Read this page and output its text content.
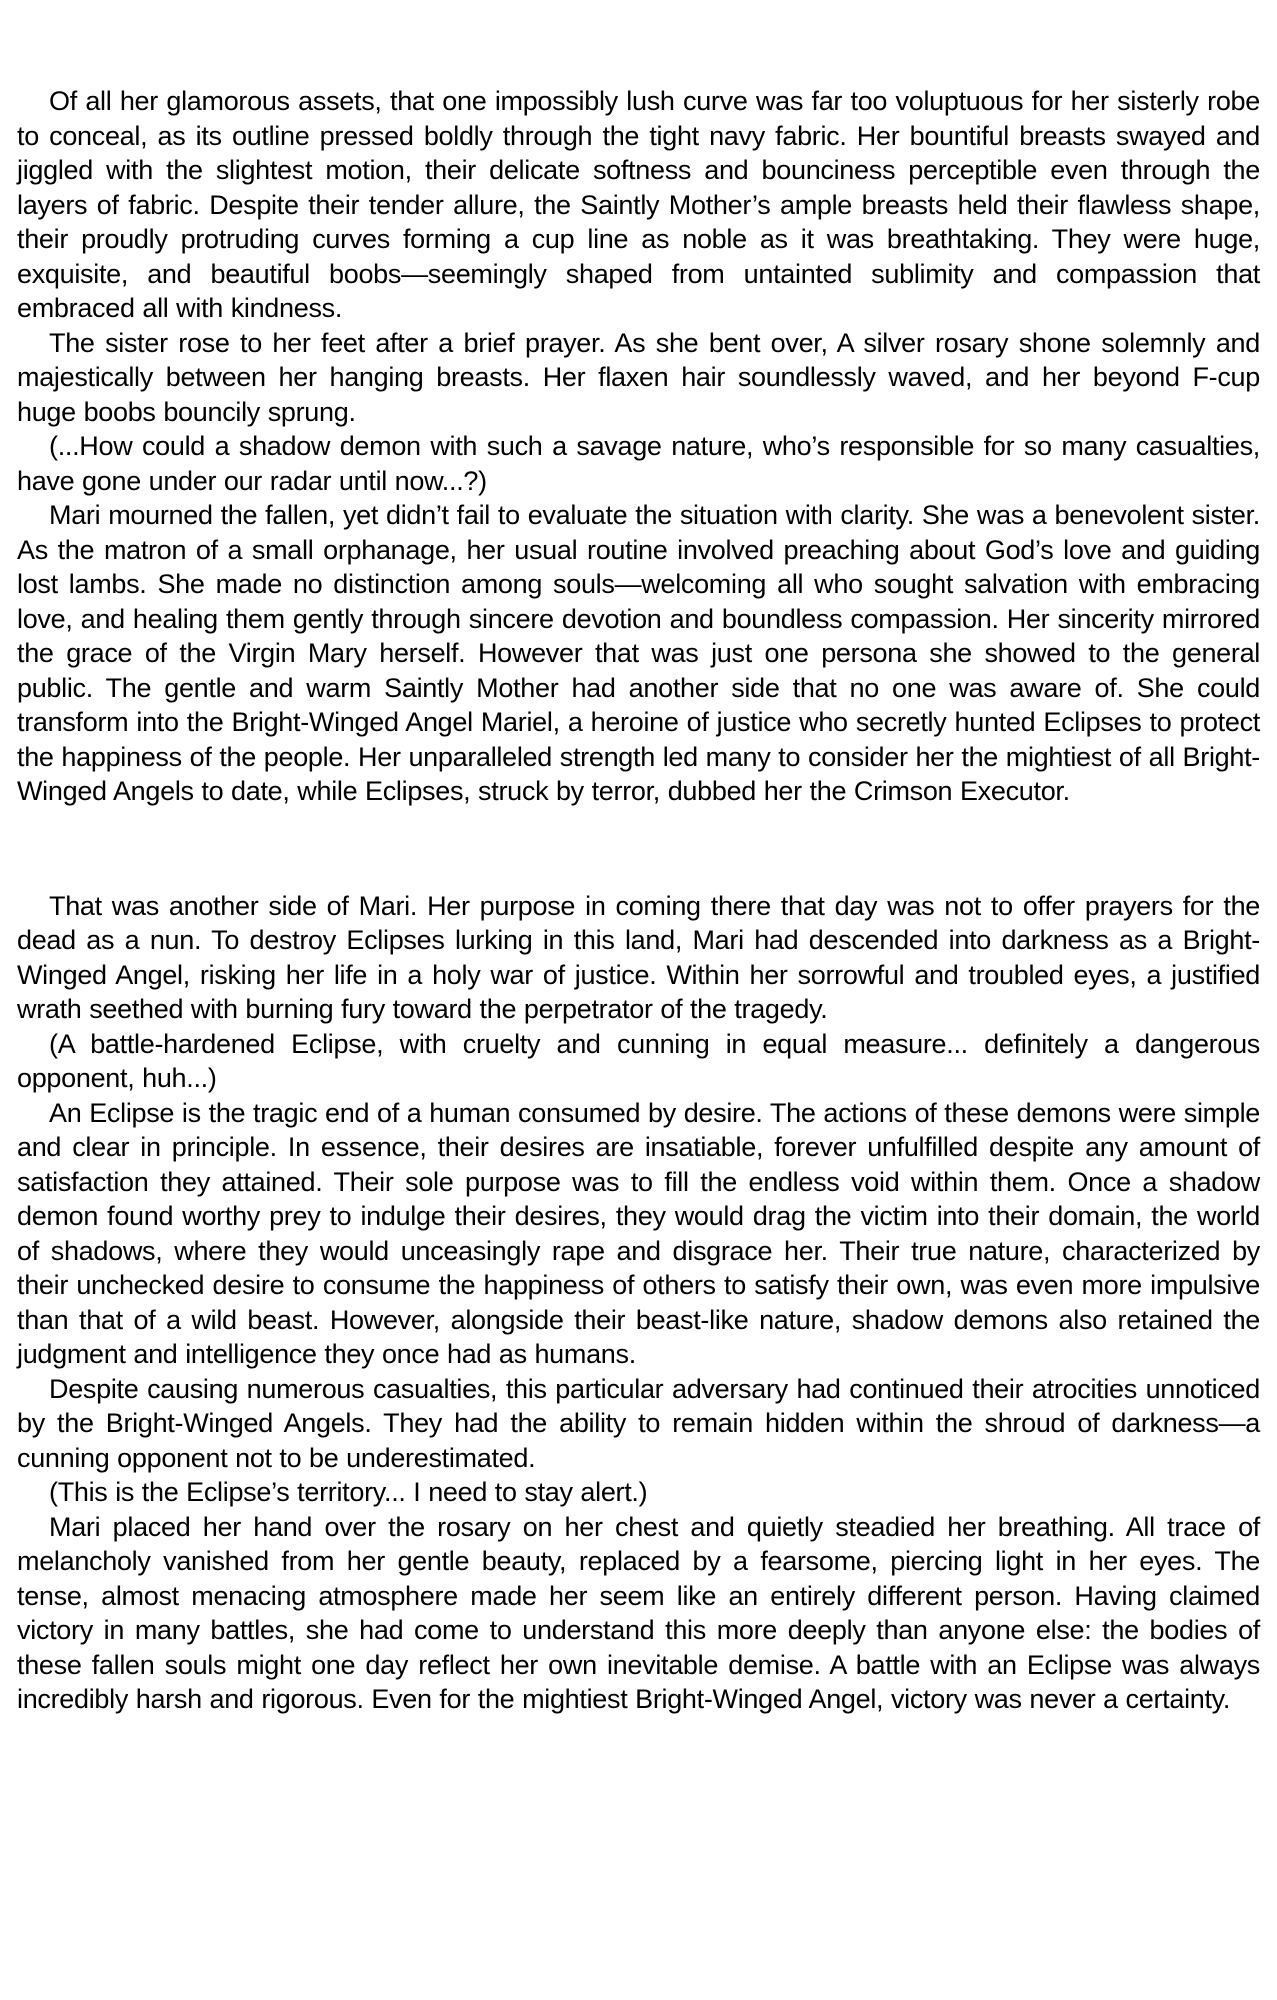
Of all her glamorous assets, that one impossibly lush curve was far too voluptuous for her sisterly robe to conceal, as its outline pressed boldly through the tight navy fabric. Her bountiful breasts swayed and jiggled with the slightest motion, their delicate softness and bounciness perceptible even through the layers of fabric. Despite their tender allure, the Saintly Mother’s ample breasts held their flawless shape, their proudly protruding curves forming a cup line as noble as it was breathtaking. They were huge, exquisite, and beautiful boobs—seemingly shaped from untainted sublimity and compassion that embraced all with kindness.

The sister rose to her feet after a brief prayer. As she bent over, A silver rosary shone solemnly and majestically between her hanging breasts. Her flaxen hair soundlessly waved, and her beyond F-cup huge boobs bouncily sprung.

(...How could a shadow demon with such a savage nature, who’s responsible for so many casualties, have gone under our radar until now...?)

Mari mourned the fallen, yet didn’t fail to evaluate the situation with clarity. She was a benevolent sister. As the matron of a small orphanage, her usual routine involved preaching about God’s love and guiding lost lambs. She made no distinction among souls—welcoming all who sought salvation with embracing love, and healing them gently through sincere devotion and boundless compassion. Her sincerity mirrored the grace of the Virgin Mary herself. However that was just one persona she showed to the general public. The gentle and warm Saintly Mother had another side that no one was aware of. She could transform into the Bright-Winged Angel Mariel, a heroine of justice who secretly hunted Eclipses to protect the happiness of the people. Her unparalleled strength led many to consider her the mightiest of all Bright-Winged Angels to date, while Eclipses, struck by terror, dubbed her the Crimson Executor.

That was another side of Mari. Her purpose in coming there that day was not to offer prayers for the dead as a nun. To destroy Eclipses lurking in this land, Mari had descended into darkness as a Bright-Winged Angel, risking her life in a holy war of justice. Within her sorrowful and troubled eyes, a justified wrath seethed with burning fury toward the perpetrator of the tragedy.

(A battle-hardened Eclipse, with cruelty and cunning in equal measure... definitely a dangerous opponent, huh...)

An Eclipse is the tragic end of a human consumed by desire. The actions of these demons were simple and clear in principle. In essence, their desires are insatiable, forever unfulfilled despite any amount of satisfaction they attained. Their sole purpose was to fill the endless void within them. Once a shadow demon found worthy prey to indulge their desires, they would drag the victim into their domain, the world of shadows, where they would unceasingly rape and disgrace her. Their true nature, characterized by their unchecked desire to consume the happiness of others to satisfy their own, was even more impulsive than that of a wild beast. However, alongside their beast-like nature, shadow demons also retained the judgment and intelligence they once had as humans.

Despite causing numerous casualties, this particular adversary had continued their atrocities unnoticed by the Bright-Winged Angels. They had the ability to remain hidden within the shroud of darkness—a cunning opponent not to be underestimated.

(This is the Eclipse’s territory... I need to stay alert.)

Mari placed her hand over the rosary on her chest and quietly steadied her breathing. All trace of melancholy vanished from her gentle beauty, replaced by a fearsome, piercing light in her eyes. The tense, almost menacing atmosphere made her seem like an entirely different person. Having claimed victory in many battles, she had come to understand this more deeply than anyone else: the bodies of these fallen souls might one day reflect her own inevitable demise. A battle with an Eclipse was always incredibly harsh and rigorous. Even for the mightiest Bright-Winged Angel, victory was never a certainty.
